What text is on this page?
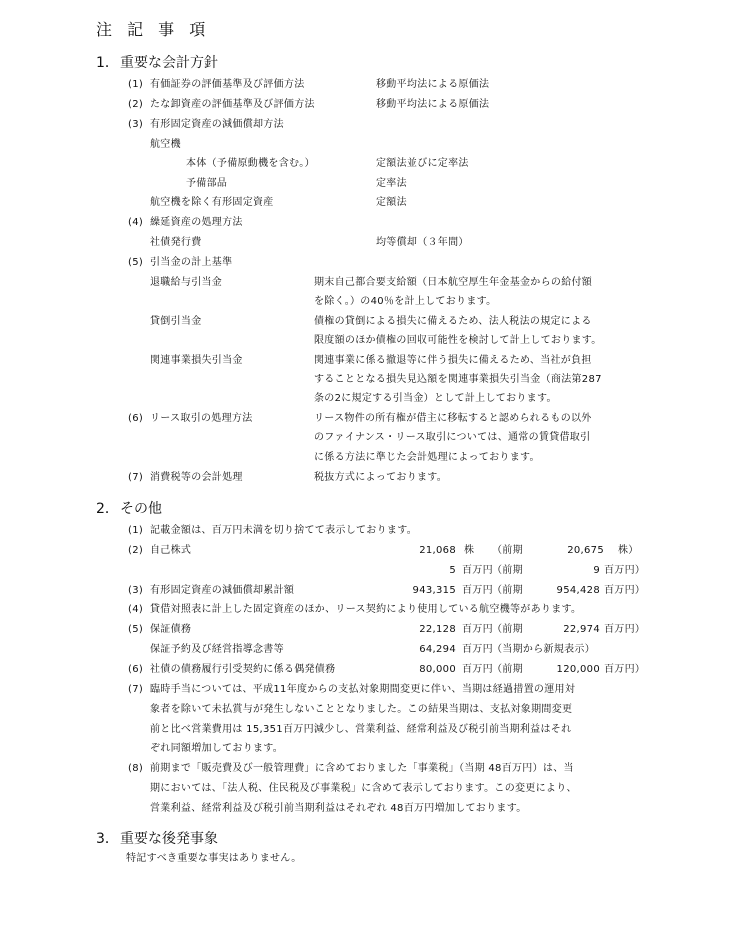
注 記 事 項
1． 重要な会計方針
(1) 有価証券の評価基準及び評価方法	移動平均法による原価法
(2) たな卸資産の評価基準及び評価方法	移動平均法による原価法
(3) 有形固定資産の減価償却方法
航空機
本体（予備原動機を含む。）	定額法並びに定率法
予備部品	定率法
航空機を除く有形固定資産	定額法
(4) 繰延資産の処理方法
社債発行費	均等償却（３年間）
(5) 引当金の計上基準
退職給与引当金	期末自己都合要支給額（日本航空厚生年金基金からの給付額
を除く。）の40％を計上しております。
貸倒引当金	債権の貸倒による損失に備えるため、法人税法の規定による
限度額のほか債権の回収可能性を検討して計上しております。
関連事業損失引当金	関連事業に係る撤退等に伴う損失に備えるため、当社が負担
することとなる損失見込額を関連事業損失引当金（商法第287
条の2に規定する引当金）として計上しております。
(6) リース取引の処理方法	リース物件の所有権が借主に移転すると認められるもの以外
のファイナンス・リース取引については、通常の賃貸借取引
に係る方法に準じた会計処理によっております。
(7) 消費税等の会計処理	税抜方式によっております。
2． その他
(1) 記載金額は、百万円未満を切り捨てて表示しております。
(2) 自己株式	21,068 株 （前期	20,675 株）
5 百万円 （前期	9 百万円）
(3) 有形固定資産の減価償却累計額	943,315 百万円 （前期	954,428 百万円）
(4) 貸借対照表に計上した固定資産のほか、リース契約により使用している航空機等があります。
(5) 保証債務	22,128 百万円 （前期	22,974 百万円）
保証予約及び経営指導念書等	64,294 百万円 （当期から新規表示）
(6) 社債の債務履行引受契約に係る偶発債務	80,000 百万円 （前期	120,000 百万円）
(7) 臨時手当については、平成11年度からの支払対象期間変更に伴い、当期は経過措置の運用対
象者を除いて未払賞与が発生しないこととなりました。この結果当期は、支払対象期間変更
前と比べ営業費用は 15,351百万円減少し、営業利益、経常利益及び税引前当期利益はそれ
ぞれ同額増加しております。
(8) 前期まで「販売費及び一般管理費」に含めておりました「事業税」（当期 48百万円）は、当
期においては、「法人税、住民税及び事業税」に含めて表示しております。この変更により、
営業利益、経常利益及び税引前当期利益はそれぞれ 48百万円増加しております。
3． 重要な後発事象
特記すべき重要な事実はありません。
